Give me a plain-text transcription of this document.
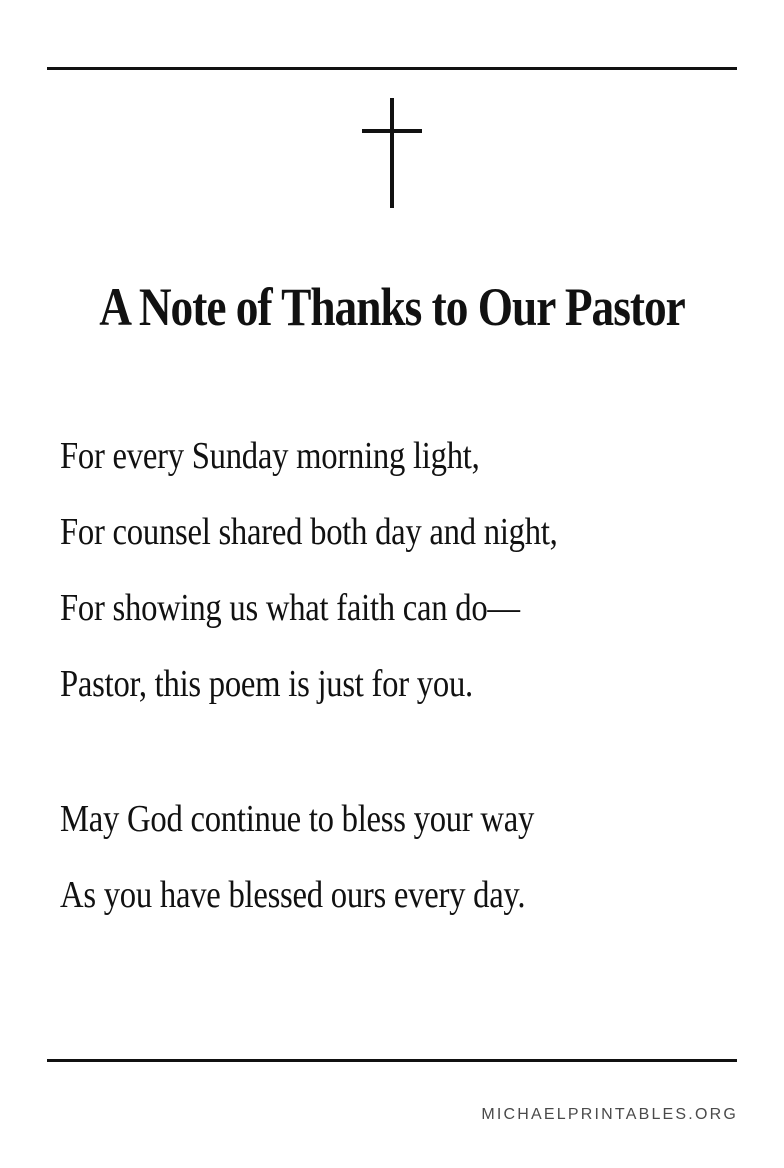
A Note of Thanks to Our Pastor
For every Sunday morning light,
For counsel shared both day and night,
For showing us what faith can do—
Pastor, this poem is just for you.
May God continue to bless your way
As you have blessed ours every day.
MICHAELPRINTABLES.ORG
